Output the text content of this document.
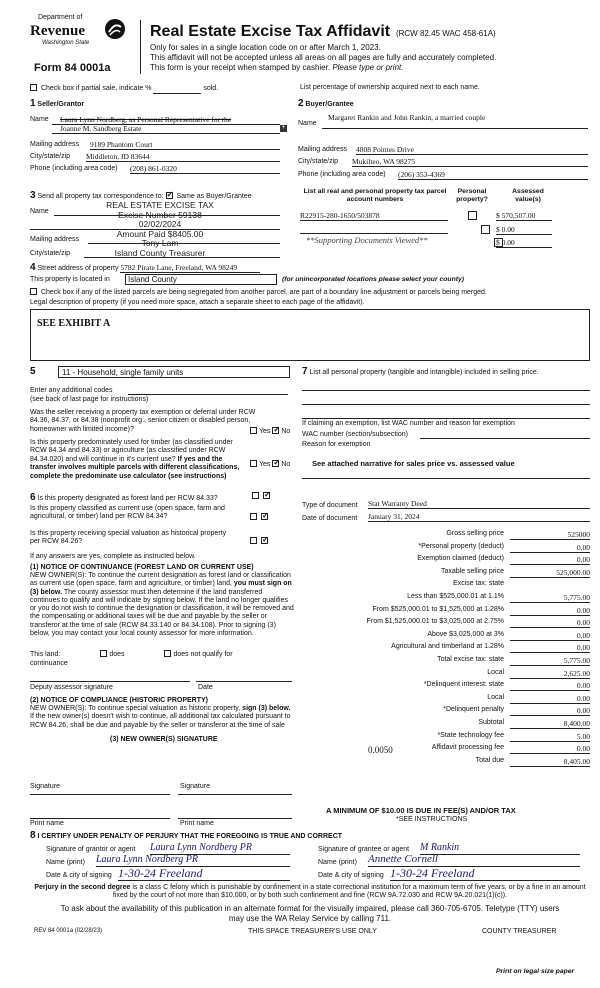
Department of
Revenue
Washington State
Form 84 0001a
Real Estate Excise Tax Affidavit (RCW 82.45 WAC 458-61A)
Only for sales in a single location code on or after March 1, 2023.
This affidavit will not be accepted unless all areas on all pages are fully and accurately completed.
This form is your receipt when stamped by cashier. Please type or print.
Check box if partial sale, indicate %	sold.	List percentage of ownership acquired next to each name.
1 Seller/Grantor
Name Laura Lynn Nordberg, as Personal Representative for the
Joanne M. Sandberg Estate	+
Mailing address 9189 Phantom Court
City/state/zip Middleton, ID 83644
Phone (including area code) (208) 861-0320
2 Buyer/Grantee
Margaret Rankin and John Rankin, a married couple
Name
Mailing address 4808 Pointes Drive
City/state/zip Mukilteo, WA 98275
Phone (including area code) (206) 353-4369
3 Send all property tax correspondence to: ✓ Same as Buyer/Grantee
Name
Mailing address
City/state/zip
REAL ESTATE EXCISE TAX
Excise Number 59138
02/02/2024
Amount Paid $8405.00
Tony Lam
Island County Treasurer
List all real and personal property tax parcel account numbers
Personal property?
Assessed value(s)
R22915-280-1650/503878
	$ 570,507.00

$ 0.00
**Supporting Documents Viewed**	$ 0.00
4 Street address of property 5782 Pirate Lane, Freeland, WA 98249
This property is located in	Island County	(for unincorporated locations please select your county)
Check box if any of the listed parcels are being segregated from another parcel, are part of a boundary line adjustment or parcels being merged.
Legal description of property (if you need more space, attach a separate sheet to each page of the affidavit).
SEE EXHIBIT A
5	11 - Household, single family units
Enter any additional codes
(see back of last page for instructions)
Was the seller receiving a property tax exemption or deferral under RCW 84.36, 84.37, or 84.38 (nonprofit org., senior citizen or disabled person, homeowner with limited income)?	Yes ✓ No
Is this property predominately used for timber (as classified under RCW 84.34 and 84.33) or agriculture (as classified under RCW 84.34.020) and will continue in it's current use? If yes and the transfer involves multiple parcels with different classifications, complete the predominate use calculator (see instructions)
Yes ✓ No
6 Is this property designated as forest land per RCW 84.33?
✓
Is this property classified as current use (open space, farm and agricultural, or timber) land per RCW 84.34?
✓
Is this property receiving special valuation as historical property per RCW 84.26?
✓
If any answers are yes, complete as instructed below.
(1) NOTICE OF CONTINUANCE (FOREST LAND OR CURRENT USE)
NEW OWNER(S): To continue the current designation as forest land or classification as current use (open space, farm and agriculture, or timber) land, you must sign on (3) below. The county assessor must then determine if the land transferred continues to qualify and will indicate by signing below. If the land no longer qualifies or you do not wish to continue the designation or classification, it will be removed and the compensating or additional taxes will be due and payable by the seller or transferor at the time of sale (RCW 84.33.140 or 84.34.108). Prior to signing (3) below, you may contact your local county assessor for more information.
This land:	does	does not qualify for
continuance
Deputy assessor signature	Date
(2) NOTICE OF COMPLIANCE (HISTORIC PROPERTY)
NEW OWNER(S): To continue special valuation as historic property, sign (3) below. If the new owner(s) doesn't wish to continue, all additional tax calculated pursuant to RCW 84.26, shall be due and payable by the seller or transferor at the time of sale
(3) NEW OWNER(S) SIGNATURE
Signature	Signature
Print name	Print name
7 List all personal property (tangible and intangible) included in selling price.
If claiming an exemption, list WAC number and reason for exemption
WAC number (section/subsection)
Reason for exemption
See attached narrative for sales price vs. assessed value
Type of document Stat Warranty Deed
Date of document January 31, 2024
Gross selling price	525000
*Personal property (deduct)	0.00
Exemption claimed (deduct)	0.00
Taxable selling price	525,000.00
Excise tax: state
Less than $525,000.01 at 1.1%	5,775.00
From $525,000.01 to $1,525,000 at 1.28%	0.00
From $1,525,000.01 to $3,025,000 at 2.75%	0.00
Above $3,025,000 at 3%	0.00
Agricultural and timberland at 1.28%	0.00
Total excise tax: state	5,775.00
Local	2,625.00
*Delinquent interest: state	0.00
Local	0.00
*Delinquent penalty	0.00
Subtotal	8,400.00
*State technology fee	5.00
Affidavit processing fee	0.00
Total due	8,405.00
0.0050
A MINIMUM OF $10.00 IS DUE IN FEE(S) AND/OR TAX
*SEE INSTRUCTIONS
8 I CERTIFY UNDER PENALTY OF PERJURY THAT THE FOREGOING IS TRUE AND CORRECT
Signature of grantor or agent Laura Lynn Nordberg PR
Name (print) Laura Lynn Nordberg PR
Date & city of signing 1-30-24 Freeland
Signature of grantee or agent M Rankin
Name (print) Annette Cornell
Date & city of signing 1-30-24 Freeland
Perjury in the second degree is a class C felony which is punishable by confinement in a state correctional institution for a maximum term of five years, or by a fine in an amount fixed by the court of not more than $10,000, or by both such confinement and fine (RCW 9A.72.030 and RCW 9A.20.021(1)(c)).
To ask about the availability of this publication in an alternate format for the visually impaired, please call 360-705-6705. Teletype (TTY) users may use the WA Relay Service by calling 711.
REV 84 0001a (02/28/23)	THIS SPACE TREASURER'S USE ONLY	COUNTY TREASURER
Print on legal size paper
